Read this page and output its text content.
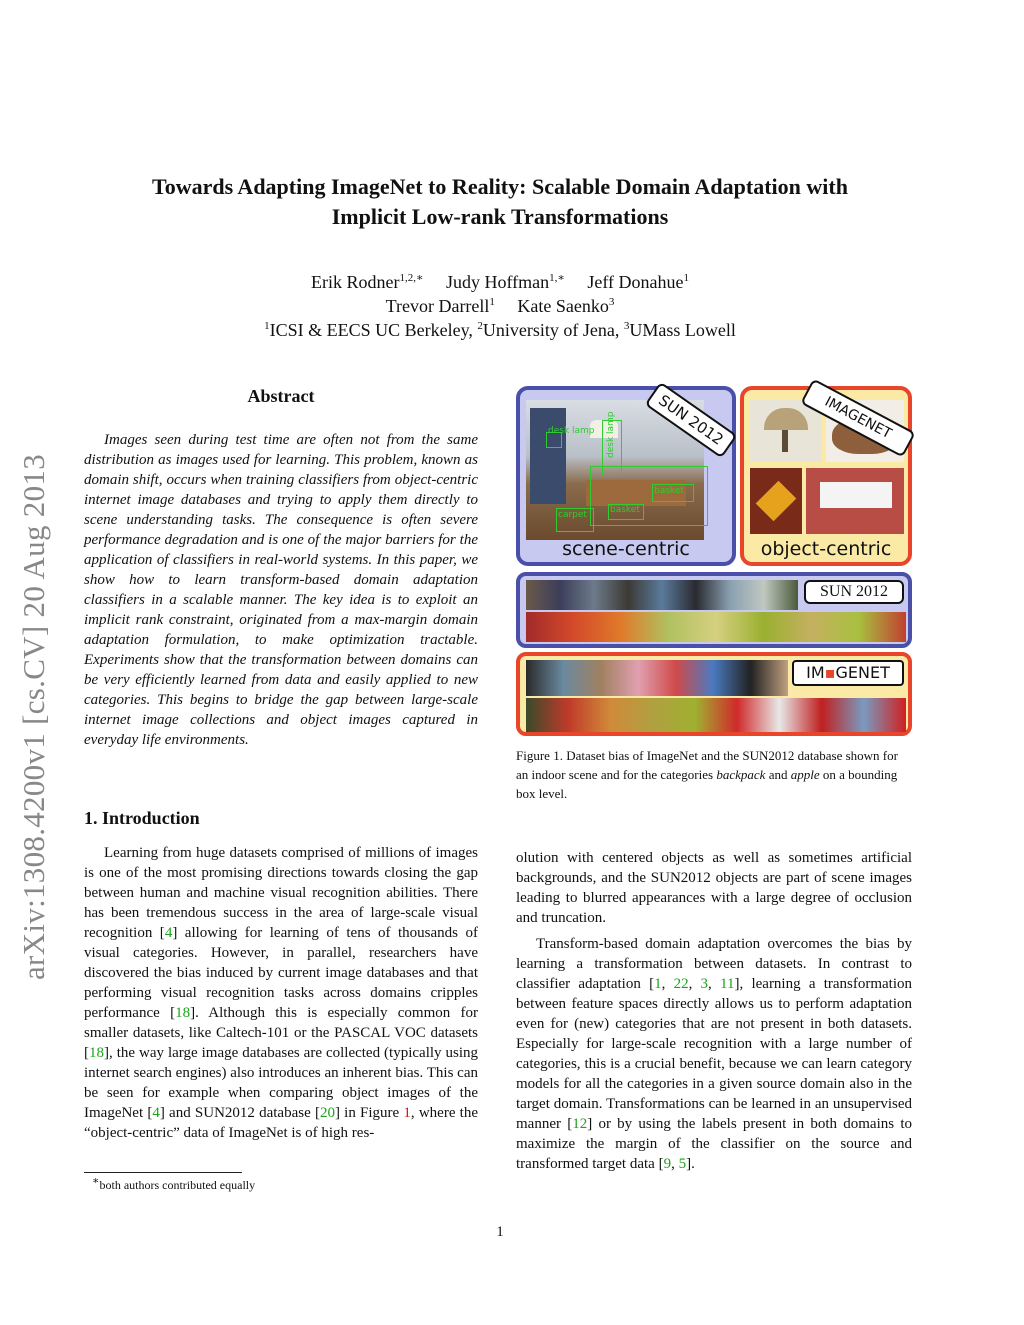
arXiv:1308.4200v1 [cs.CV] 20 Aug 2013
Towards Adapting ImageNet to Reality: Scalable Domain Adaptation with
Implicit Low-rank Transformations
Erik Rodner$^{1,2,∗}$ Judy Hoffman$^{1,∗}$ Jeff Donahue$^1$
Trevor Darrell$^1$ Kate Saenko$^3$
$^1$ICSI & EECS UC Berkeley, $^2$University of Jena, $^3$UMass Lowell
Abstract

Images seen during test time are often not from the same distribution as images used for learning. This problem, known as domain shift, occurs when training classifiers from object-centric internet image databases and trying to apply them directly to scene understanding tasks. The consequence is often severe performance degradation and is one of the major barriers for the application of classifiers in real-world systems. In this paper, we show how to learn transform-based domain adaptation classifiers in a scalable manner. The key idea is to exploit an implicit rank constraint, originated from a max-margin domain adaptation formulation, to make optimization tractable. Experiments show that the transformation between domains can be very efficiently learned from data and easily applied to new categories. This begins to bridge the gap between large-scale internet image collections and object images captured in everyday life environments.

1. Introduction

Learning from huge datasets comprised of millions of images is one of the most promising directions towards closing the gap between human and machine visual recognition abilities. There has been tremendous success in the area of large-scale visual recognition [4] allowing for learning of tens of thousands of visual categories. However, in parallel, researchers have discovered the bias induced by current image databases and that performing visual recognition tasks across domains cripples performance [18]. Although this is especially common for smaller datasets, like Caltech-101 or the PASCAL VOC datasets [18], the way large image databases are collected (typically using internet search engines) also introduces an inherent bias. This can be seen for example when comparing object images of the ImageNet [4] and SUN2012 database [20] in Figure 1, where the “object-centric” data of ImageNet is of high res-

∗both authors contributed equally
desk lamp desk lamp
carpet
basket
basket
SUN 2012
scene-centric
IMAGENET
object-centric
SUN 2012
IM▪GENET
Figure 1. Dataset bias of ImageNet and the SUN2012 database shown for an indoor scene and for the categories backpack and apple on a bounding box level.

olution with centered objects as well as sometimes artificial backgrounds, and the SUN2012 objects are part of scene images leading to blurred appearances with a large degree of occlusion and truncation.

Transform-based domain adaptation overcomes the bias by learning a transformation between datasets. In contrast to classifier adaptation [1, 22, 3, 11], learning a transformation between feature spaces directly allows us to perform adaptation even for (new) categories that are not present in both datasets. Especially for large-scale recognition with a large number of categories, this is a crucial benefit, because we can learn category models for all the categories in a given source domain also in the target domain. Transformations can be learned in an unsupervised manner [12] or by using the labels present in both domains to maximize the margin of the classifier on the source and transformed target data [9, 5].

1
